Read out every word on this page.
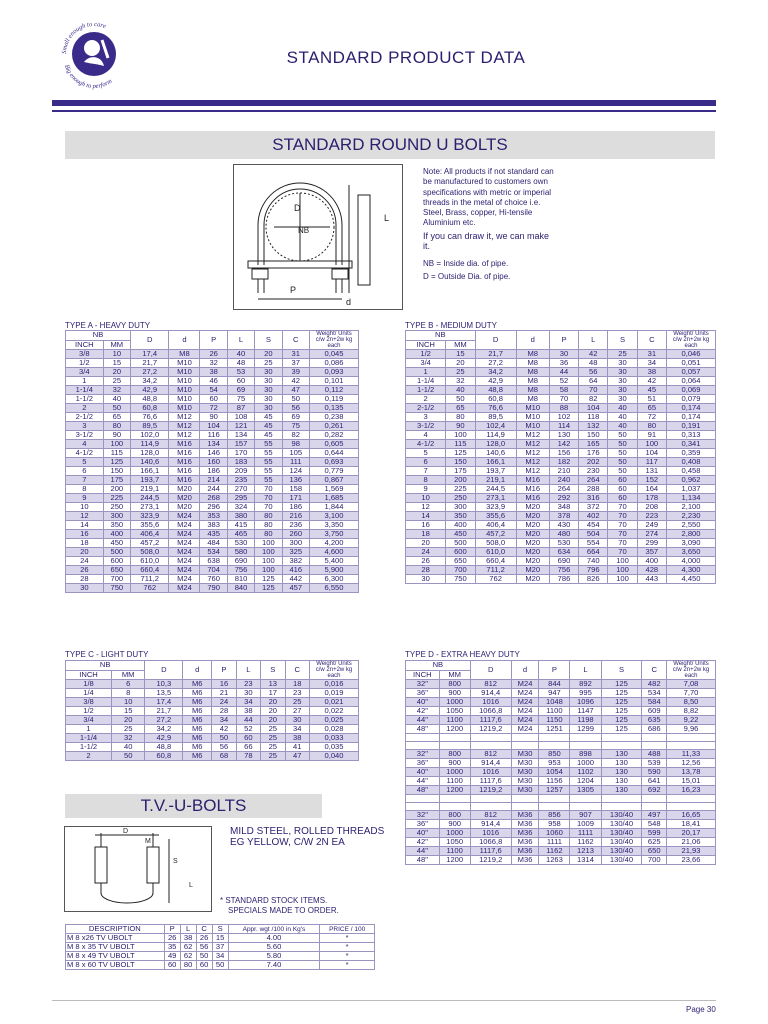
Small enough to care
Big enough to perform
STANDARD PRODUCT DATA
STANDARD ROUND U BOLTS
D
NB
L
P
d

Note: All products if not standard can be manufactured to customers own specifications with metric or imperial threads in the metal of choice i.e. Steel, Brass, copper, Hi-tensile Aluminium etc.

If you can draw it, we can make it.

NB = Inside dia. of pipe.

D = Outside Dia. of pipe.

TYPE A - HEAVY DUTY
NB		D	d	P	L	S	C	Weight/ Units c/w 2n+2w kg each
INCH	MM							
3/8	10	17,4	M8	26	40	20	31	0,045
1/2	15	21,7	M10	32	48	25	37	0,086
3/4	20	27,2	M10	38	53	30	39	0,093
1	25	34,2	M10	46	60	30	42	0,101
1-1/4	32	42,9	M10	54	69	30	47	0,112
1-1/2	40	48,8	M10	60	75	30	50	0,119
2	50	60,8	M10	72	87	30	56	0,135
2-1/2	65	76,6	M12	90	108	45	69	0,238
3	80	89,5	M12	104	121	45	75	0,261
3-1/2	90	102,0	M12	116	134	45	82	0,282
4	100	114,9	M16	134	157	55	98	0,605
4-1/2	115	128,0	M16	146	170	55	105	0,644
5	125	140,6	M16	160	183	55	111	0,693
6	150	166,1	M16	186	209	55	124	0,779
7	175	193,7	M16	214	235	55	136	0,867
8	200	219,1	M20	244	270	70	158	1,569
9	225	244,5	M20	268	295	70	171	1,685
10	250	273,1	M20	296	324	70	186	1,844
12	300	323,9	M24	353	380	80	216	3,100
14	350	355,6	M24	383	415	80	236	3,350
16	400	406,4	M24	435	465	80	260	3,750
18	450	457,2	M24	484	530	100	300	4,200
20	500	508,0	M24	534	580	100	325	4,600
24	600	610,0	M24	638	690	100	382	5,400
26	650	660,4	M24	704	756	100	416	5,900
28	700	711,2	M24	760	810	125	442	6,300
30	750	762	M24	790	840	125	457	6,550
TYPE B - MEDIUM DUTY
NB		D	d	P	L	S	C	Weight/ Units c/w 2n+2w kg each
INCH	MM							
1/2	15	21,7	M8	30	42	25	31	0,046
3/4	20	27,2	M8	36	48	30	34	0,051
1	25	34,2	M8	44	56	30	38	0,057
1-1/4	32	42,9	M8	52	64	30	42	0,064
1-1/2	40	48,8	M8	58	70	30	45	0,069
2	50	60,8	M8	70	82	30	51	0,079
2-1/2	65	76,6	M10	88	104	40	65	0,174
3	80	89,5	M10	102	118	40	72	0,174
3-1/2	90	102,4	M10	114	132	40	80	0,191
4	100	114,9	M12	130	150	50	91	0,313
4-1/2	115	128,0	M12	142	165	50	100	0,341
5	125	140,6	M12	156	176	50	104	0,359
6	150	166,1	M12	182	202	50	117	0,408
7	175	193,7	M12	210	230	50	131	0,458
8	200	219,1	M16	240	264	60	152	0,962
9	225	244,5	M16	264	288	60	164	1,037
10	250	273,1	M16	292	316	60	178	1,134
12	300	323,9	M20	348	372	70	208	2,100
14	350	355,6	M20	378	402	70	223	2,230
16	400	406,4	M20	430	454	70	249	2,550
18	450	457,2	M20	480	504	70	274	2,800
20	500	508,0	M20	530	554	70	299	3,090
24	600	610,0	M20	634	664	70	357	3,650
26	650	660,4	M20	690	740	100	400	4,000
28	700	711,2	M20	756	796	100	428	4,300
30	750	762	M20	786	826	100	443	4,450
TYPE C - LIGHT DUTY
NB		D	d	P	L	S	C	Weight/ Units c/w 2n+2w kg each
INCH	MM							
1/8	6	10,3	M6	16	23	13	18	0,016
1/4	8	13,5	M6	21	30	17	23	0,019
3/8	10	17,4	M6	24	34	20	25	0,021
1/2	15	21,7	M6	28	38	20	27	0,022
3/4	20	27,2	M6	34	44	20	30	0,025
1	25	34,2	M6	42	52	25	34	0,028
1-1/4	32	42,9	M6	50	60	25	38	0,033
1-1/2	40	48,8	M6	56	66	25	41	0,035
2	50	60,8	M6	68	78	25	47	0,040
TYPE D - EXTRA HEAVY DUTY
NB		D	d	P	L	S	C	Weight/ Units c/w 2n+2w kg each
INCH	MM							
32"	800	812	M24	844	892	125	482	7,08
36"	900	914,4	M24	947	995	125	534	7,70
40"	1000	1016	M24	1048	1096	125	584	8,50
42"	1050	1066,8	M24	1100	1147	125	609	8,82
44"	1100	1117,6	M24	1150	1198	125	635	9,22
48"	1200	1219,2	M24	1251	1299	125	686	9,96

32"	800	812	M30	850	898	130	488	11,33
36"	900	914,4	M30	953	1000	130	539	12,56
40"	1000	1016	M30	1054	1102	130	590	13,78
44"	1100	1117,6	M30	1156	1204	130	641	15,01
48"	1200	1219,2	M30	1257	1305	130	692	16,23

32"	800	812	M36	856	907	130/40	497	16,65
36"	900	914,4	M36	958	1009	130/40	548	18,41
40"	1000	1016	M36	1060	1111	130/40	599	20,17
42"	1050	1066,8	M36	1111	1162	130/40	625	21,06
44"	1100	1117,6	M36	1162	1213	130/40	650	21,93
48"	1200	1219,2	M36	1263	1314	130/40	700	23,66
T.V.-U-BOLTS
D
M
S
L
MILD STEEL, ROLLED THREADS
EG YELLOW, C/W 2N EA
* STANDARD STOCK ITEMS.
SPECIALS MADE TO ORDER.
DESCRIPTION	P	L	C	S	Appr. wgt /100 in Kg's	PRICE / 100
M 8 x26 TV UBOLT	26	38	26	15	4.00	*
M 8 x 35 TV UBOLT	35	62	56	37	5.60	*
M 8 x 49 TV UBOLT	49	62	50	34	5.80	*
M 8 x 60 TV UBOLT	60	80	60	50	7.40	*
Page 30
